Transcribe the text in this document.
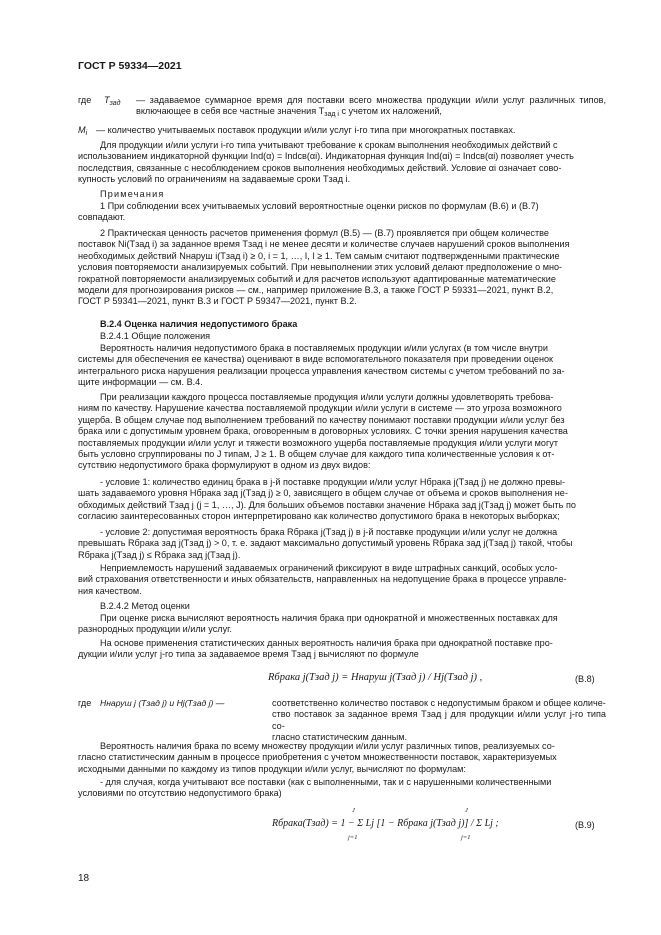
ГОСТ Р 59334—2021
где $Т_{зад}$ — задаваемое суммарное время для поставки всего множества продукции и/или услуг различных типов, включающее в себя все частные значения $Т_{зад i}$ с учетом их наложений,
$M_i$ — количество учитываемых поставок продукции и/или услуг i-го типа при многократных поставках.

Для продукции и/или услуги i-го типа учитывают требование к срокам выполнения необходимых действий с

использованием индикаторной функции Ind(α) = Indсв(αi). Индикаторная функция Ind(αi) = Indсв(αi) позволяет учесть

последствия, связанные с несоблюдением сроков выполнения необходимых действий. Условие αi означает сово-

купность условий по ограничениям на задаваемые сроки Tзад i.

Примечания

1 При соблюдении всех учитываемых условий вероятностные оценки рисков по формулам (В.6) и (В.7)

совпадают.

2 Практическая ценность расчетов применения формул (В.5) — (В.7) проявляется при общем количестве

поставок Ni(Tзад i) за заданное время Tзад i не менее десяти и количестве случаев нарушений сроков выполнения

необходимых действий Nнаруш i(Tзад i) ≥ 0, i = 1, …, I, I ≥ 1. Тем самым считают подтвержденными практические

условия повторяемости анализируемых событий. При невыполнении этих условий делают предположение о мно-

гократной повторяемости анализируемых событий и для расчетов используют адаптированные математические

модели для прогнозирования рисков — см., например приложение В.3, а также ГОСТ Р 59331—2021, пункт В.2,

ГОСТ Р 59341—2021, пункт В.3 и ГОСТ Р 59347—2021, пункт В.2.

В.2.4 Оценка наличия недопустимого брака
В.2.4.1 Общие положения

Вероятность наличия недопустимого брака в поставляемых продукции и/или услугах (в том числе внутри

системы для обеспечения ее качества) оценивают в виде вспомогательного показателя при проведении оценок

интегрального риска нарушения реализации процесса управления качеством системы с учетом требований по за-

щите информации — см. В.4.

При реализации каждого процесса поставляемые продукция и/или услуги должны удовлетворять требова-

ниям по качеству. Нарушение качества поставляемой продукции и/или услуги в системе — это угроза возможного

ущерба. В общем случае под выполнением требований по качеству понимают поставки продукции и/или услуг без

брака или с допустимым уровнем брака, оговоренным в договорных условиях. С точки зрения нарушения качества

поставляемых продукции и/или услуг и тяжести возможного ущерба поставляемые продукция и/или услуги могут

быть условно сгруппированы по J типам, J ≥ 1. В общем случае для каждого типа количественные условия к от-

сутствию недопустимого брака формулируют в одном из двух видов:

- условие 1: количество единиц брака в j-й поставке продукции и/или услуг Hбрака j(Tзад j) не должно превы-

шать задаваемого уровня Hбрака зад j(Tзад j) ≥ 0, зависящего в общем случае от объема и сроков выполнения не-

обходимых действий Tзад j (j = 1, …, J). Для больших объемов поставки значение Hбрака зад j(Tзад j) может быть по

согласию заинтересованных сторон интерпретировано как количество допустимого брака в некоторых выборках;

- условие 2: допустимая вероятность брака Rбрака j(Tзад j) в j-й поставке продукции и/или услуг не должна

превышать Rбрака зад j(Tзад j) > 0, т. е. задают максимально допустимый уровень Rбрака зад j(Tзад j) такой, чтобы

Rбрака j(Tзад j) ≤ Rбрака зад j(Tзад j).

Неприемлемость нарушений задаваемых ограничений фиксируют в виде штрафных санкций, особых усло-

вий страхования ответственности и иных обязательств, направленных на недопущение брака в процессе управле-

ния качеством.

В.2.4.2 Метод оценки

При оценке риска вычисляют вероятность наличия брака при однократной и множественных поставках для

разнородных продукции и/или услуг.

На основе применения статистических данных вероятность наличия брака при однократной поставке про-

дукции и/или услуг j-го типа за задаваемое время Tзад j вычисляют по формуле

Rбрака j(Tзад j) = Hнаруш j(Tзад j) / Hj(Tзад j) ,	(В.8)
где Hнаруш j (Tзад j) и Hj(Tзад j) —	соответственно количество поставок с недопустимым браком и общее количе-

ство поставок за заданное время Tзад j для продукции и/или услуг j-го типа со-

гласно статистическим данным.

Вероятность наличия брака по всему множеству продукции и/или услуг различных типов, реализуемых со-

гласно статистическим данным в процессе приобретения с учетом множественности поставок, характеризуемых

исходными данными по каждому из типов продукции и/или услуг, вычисляют по формулам:

- для случая, когда учитывают все поставки (как с выполненными, так и с нарушенными количественными

условиями по отсутствию недопустимого брака)

Rбрака(Tзад) = 1 − Σ Lj [1 − Rбрака j(Tзад j)] / Σ Lj ;
J
j=1
J
j=1
(В.9)
18
